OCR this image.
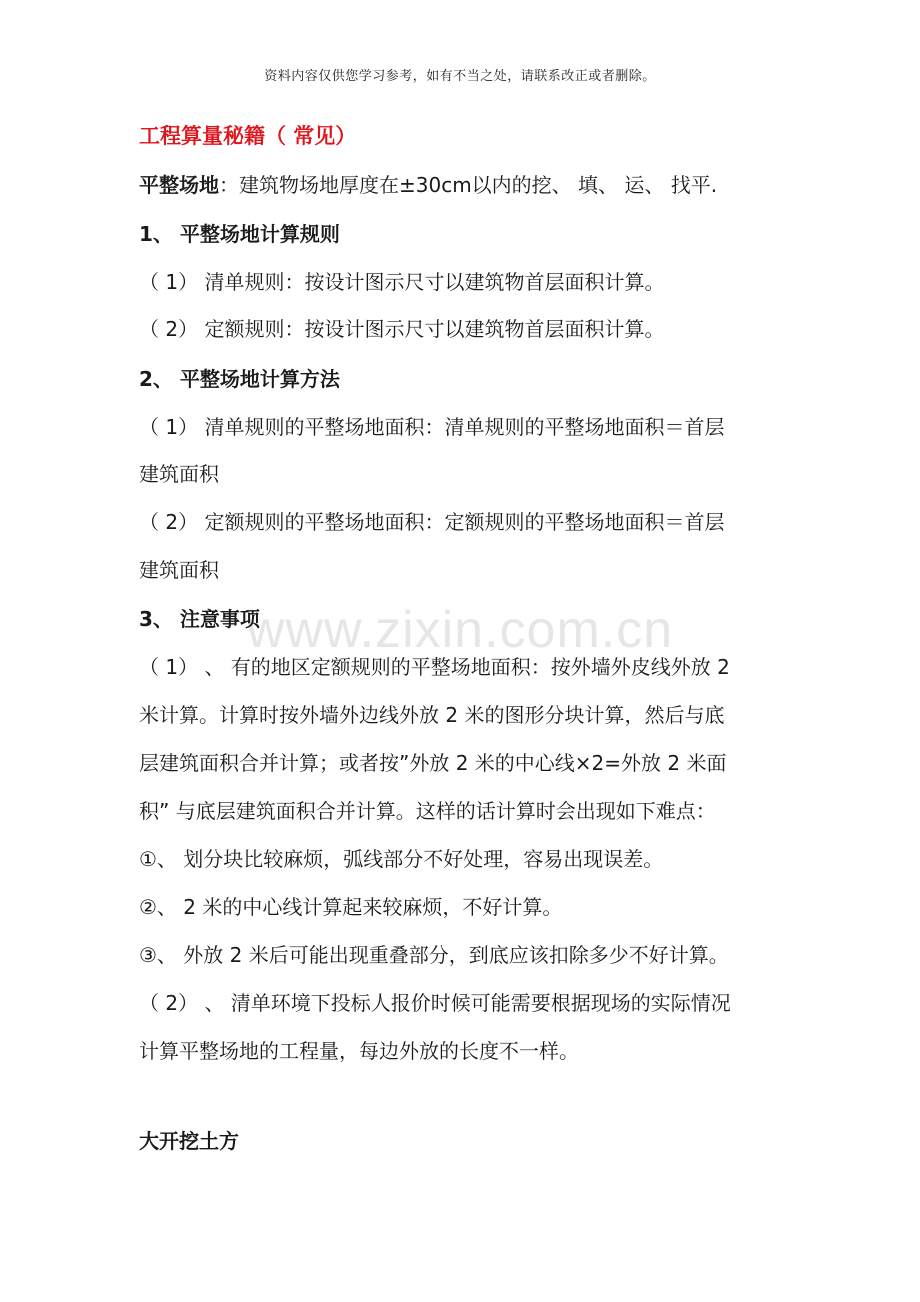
资料内容仅供您学习参考，如有不当之处，请联系改正或者删除。
www.zixin.com.cn
工程算量秘籍（ 常见）
平整场地：建筑物场地厚度在±30cm以内的挖、 填、 运、 找平.
1、 平整场地计算规则
（ 1） 清单规则：按设计图示尺寸以建筑物首层面积计算。
（ 2） 定额规则：按设计图示尺寸以建筑物首层面积计算。
2、 平整场地计算方法
（ 1） 清单规则的平整场地面积：清单规则的平整场地面积＝首层
建筑面积
（ 2） 定额规则的平整场地面积：定额规则的平整场地面积＝首层
建筑面积
3、 注意事项
（ 1） 、 有的地区定额规则的平整场地面积：按外墙外皮线外放 2
米计算。计算时按外墙外边线外放 2 米的图形分块计算，然后与底
层建筑面积合并计算；或者按”外放 2 米的中心线×2=外放 2 米面
积” 与底层建筑面积合并计算。这样的话计算时会出现如下难点：
①、 划分块比较麻烦，弧线部分不好处理，容易出现误差。
②、 2 米的中心线计算起来较麻烦，不好计算。
③、 外放 2 米后可能出现重叠部分，到底应该扣除多少不好计算。
（ 2） 、 清单环境下投标人报价时候可能需要根据现场的实际情况
计算平整场地的工程量，每边外放的长度不一样。
大开挖土方
